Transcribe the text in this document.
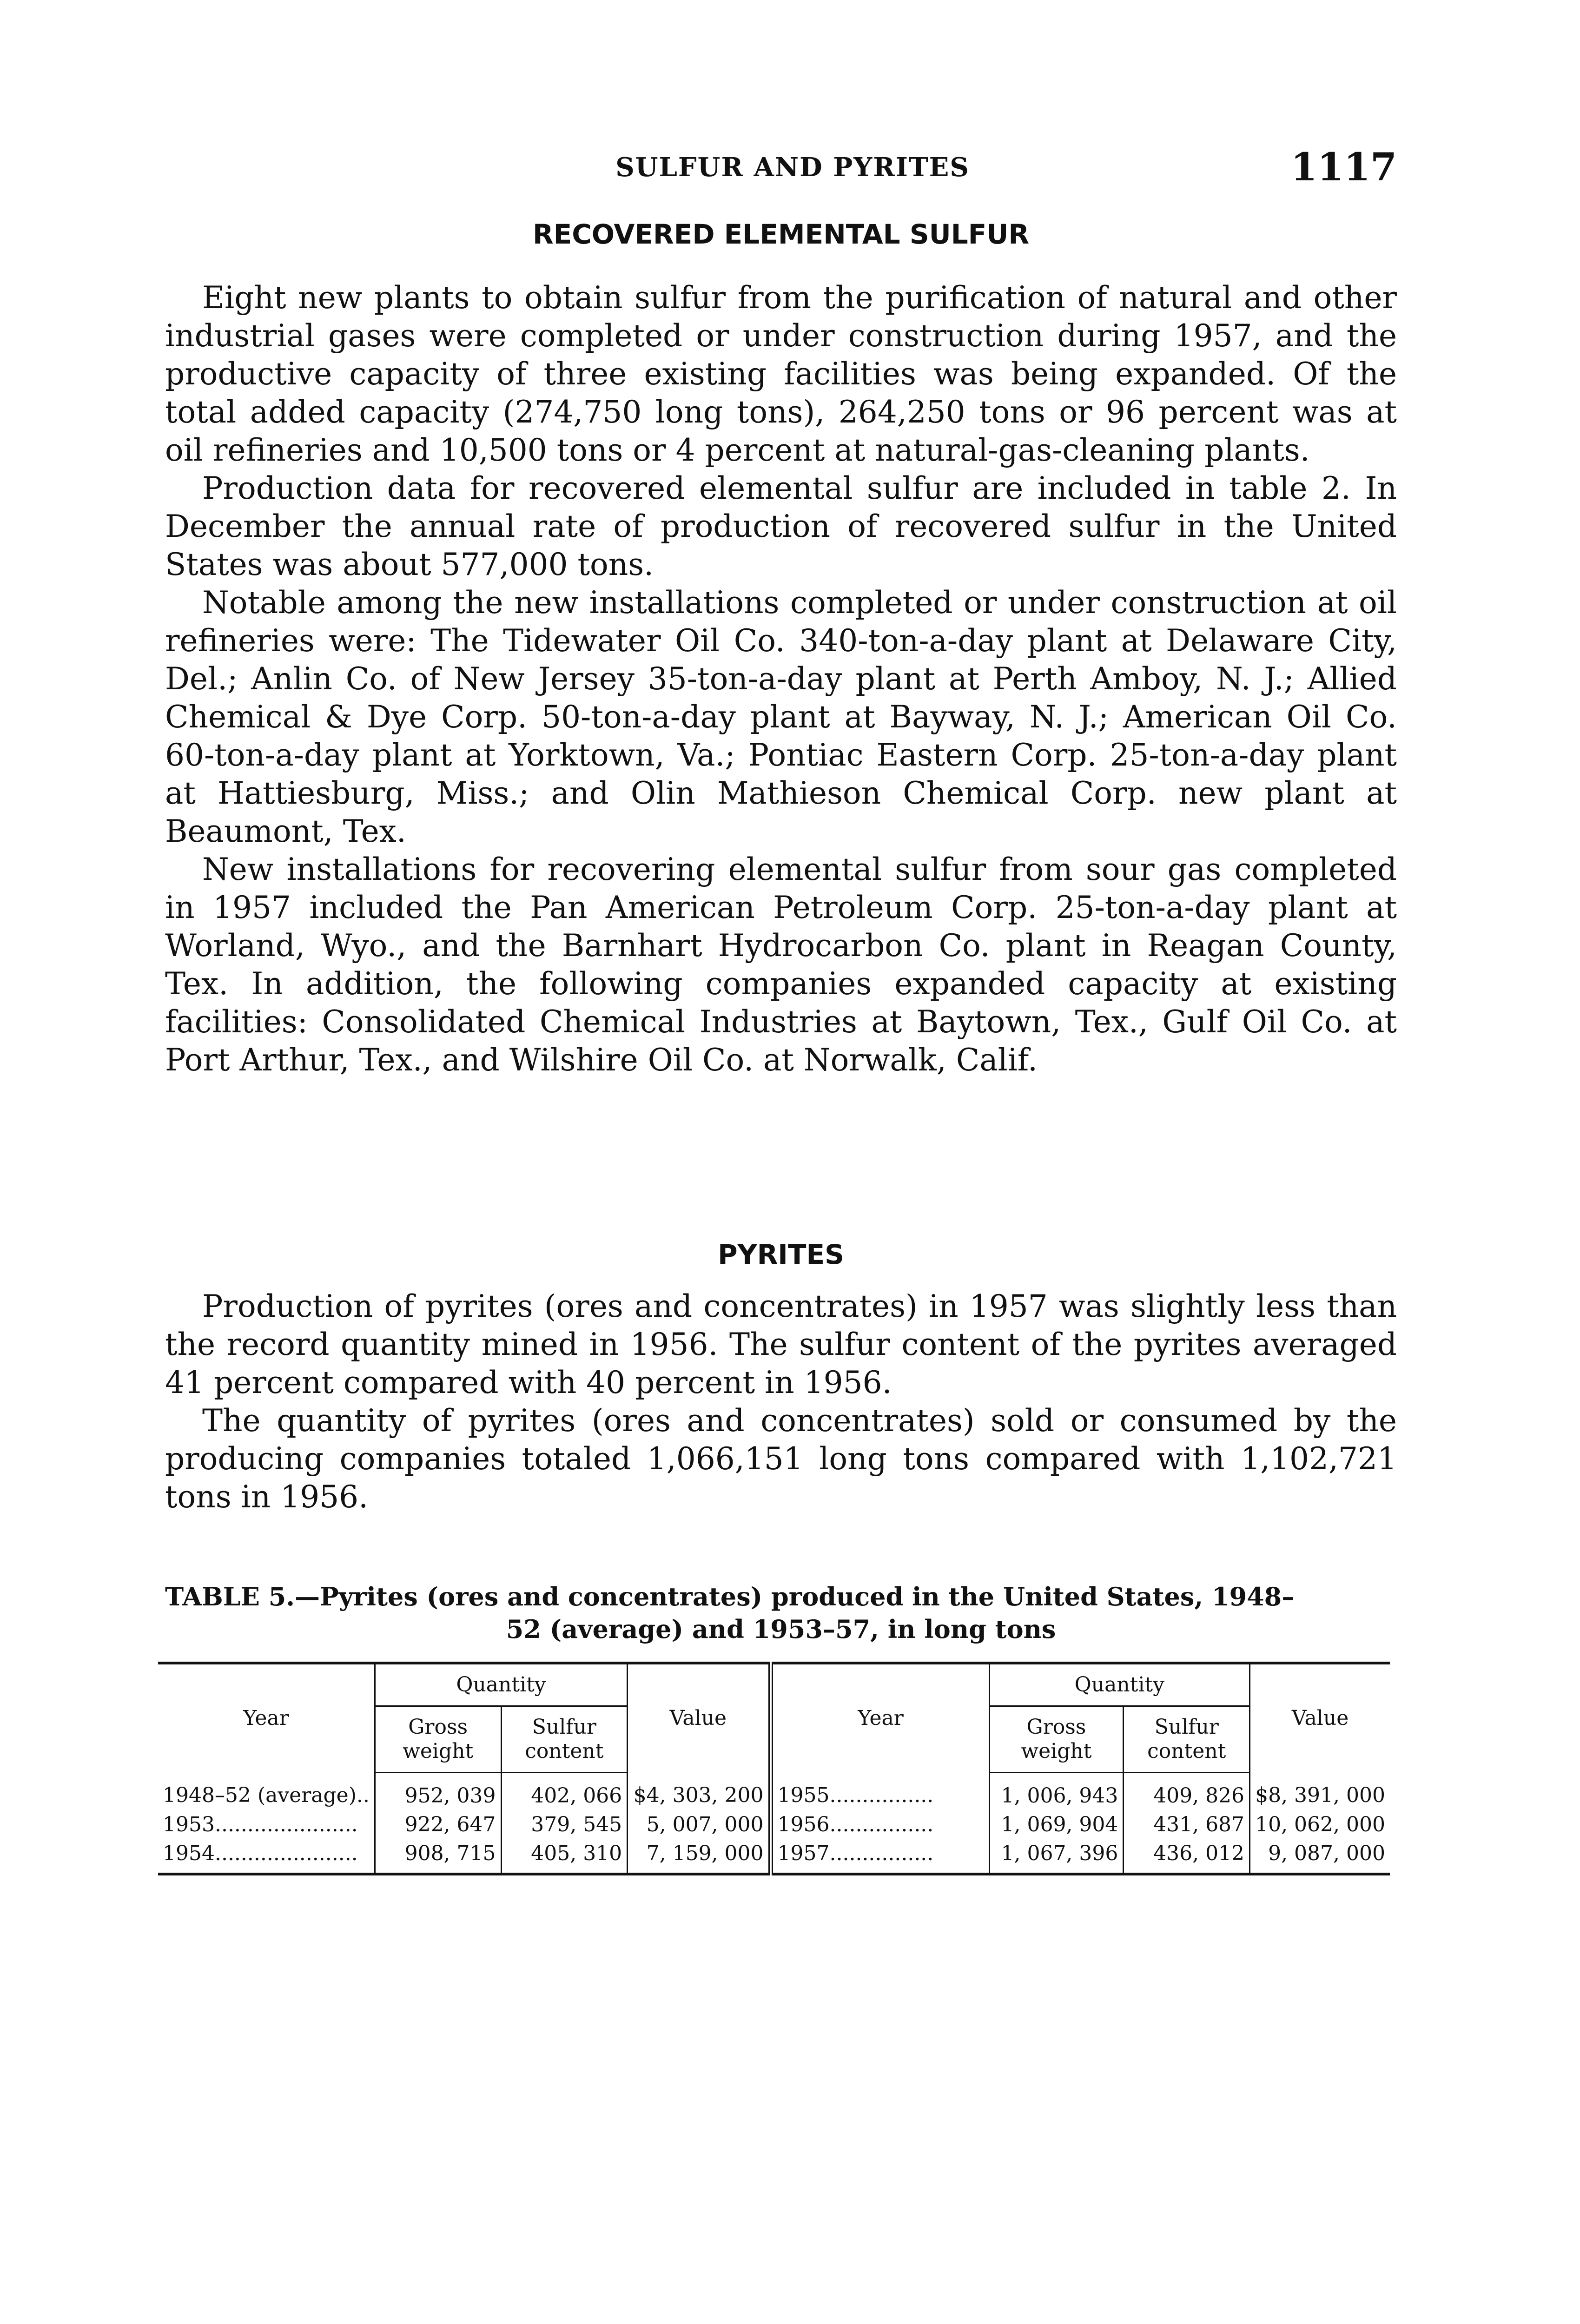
SULFUR AND PYRITES	1117
RECOVERED ELEMENTAL SULFUR

Eight new plants to obtain sulfur from the purification of natural and other industrial gases were completed or under construction during 1957, and the productive capacity of three existing facilities was being expanded. Of the total added capacity (274,750 long tons), 264,250 tons or 96 percent was at oil refineries and 10,500 tons or 4 percent at natural-gas-cleaning plants.

Production data for recovered elemental sulfur are included in table 2. In December the annual rate of production of recovered sulfur in the United States was about 577,000 tons.

Notable among the new installations completed or under construction at oil refineries were: The Tidewater Oil Co. 340-ton-a-day plant at Delaware City, Del.; Anlin Co. of New Jersey 35-ton-a-day plant at Perth Amboy, N. J.; Allied Chemical & Dye Corp. 50-ton-a-day plant at Bayway, N. J.; American Oil Co. 60-ton-a-day plant at Yorktown, Va.; Pontiac Eastern Corp. 25-ton-a-day plant at Hattiesburg, Miss.; and Olin Mathieson Chemical Corp. new plant at Beaumont, Tex.

New installations for recovering elemental sulfur from sour gas completed in 1957 included the Pan American Petroleum Corp. 25-ton-a-day plant at Worland, Wyo., and the Barnhart Hydrocarbon Co. plant in Reagan County, Tex. In addition, the following companies expanded capacity at existing facilities: Consolidated Chemical Industries at Baytown, Tex., Gulf Oil Co. at Port Arthur, Tex., and Wilshire Oil Co. at Norwalk, Calif.

PYRITES

Production of pyrites (ores and concentrates) in 1957 was slightly less than the record quantity mined in 1956. The sulfur content of the pyrites averaged 41 percent compared with 40 percent in 1956.

The quantity of pyrites (ores and concentrates) sold or consumed by the producing companies totaled 1,066,151 long tons compared with 1,102,721 tons in 1956.

TABLE 5.—Pyrites (ores and concentrates) produced in the United States, 1948–
52 (average) and 1953–57, in long tons
Year	Quantity		Value	Year	Quantity		Value
	Gross weight	Sulfur content			Gross weight	Sulfur content	
1948–52 (average)..	952, 039	402, 066	$4, 303, 200	1955................	1, 006, 943	409, 826	$8, 391, 000
1953......................	922, 647	379, 545	5, 007, 000	1956................	1, 069, 904	431, 687	10, 062, 000
1954......................	908, 715	405, 310	7, 159, 000	1957................	1, 067, 396	436, 012	9, 087, 000
